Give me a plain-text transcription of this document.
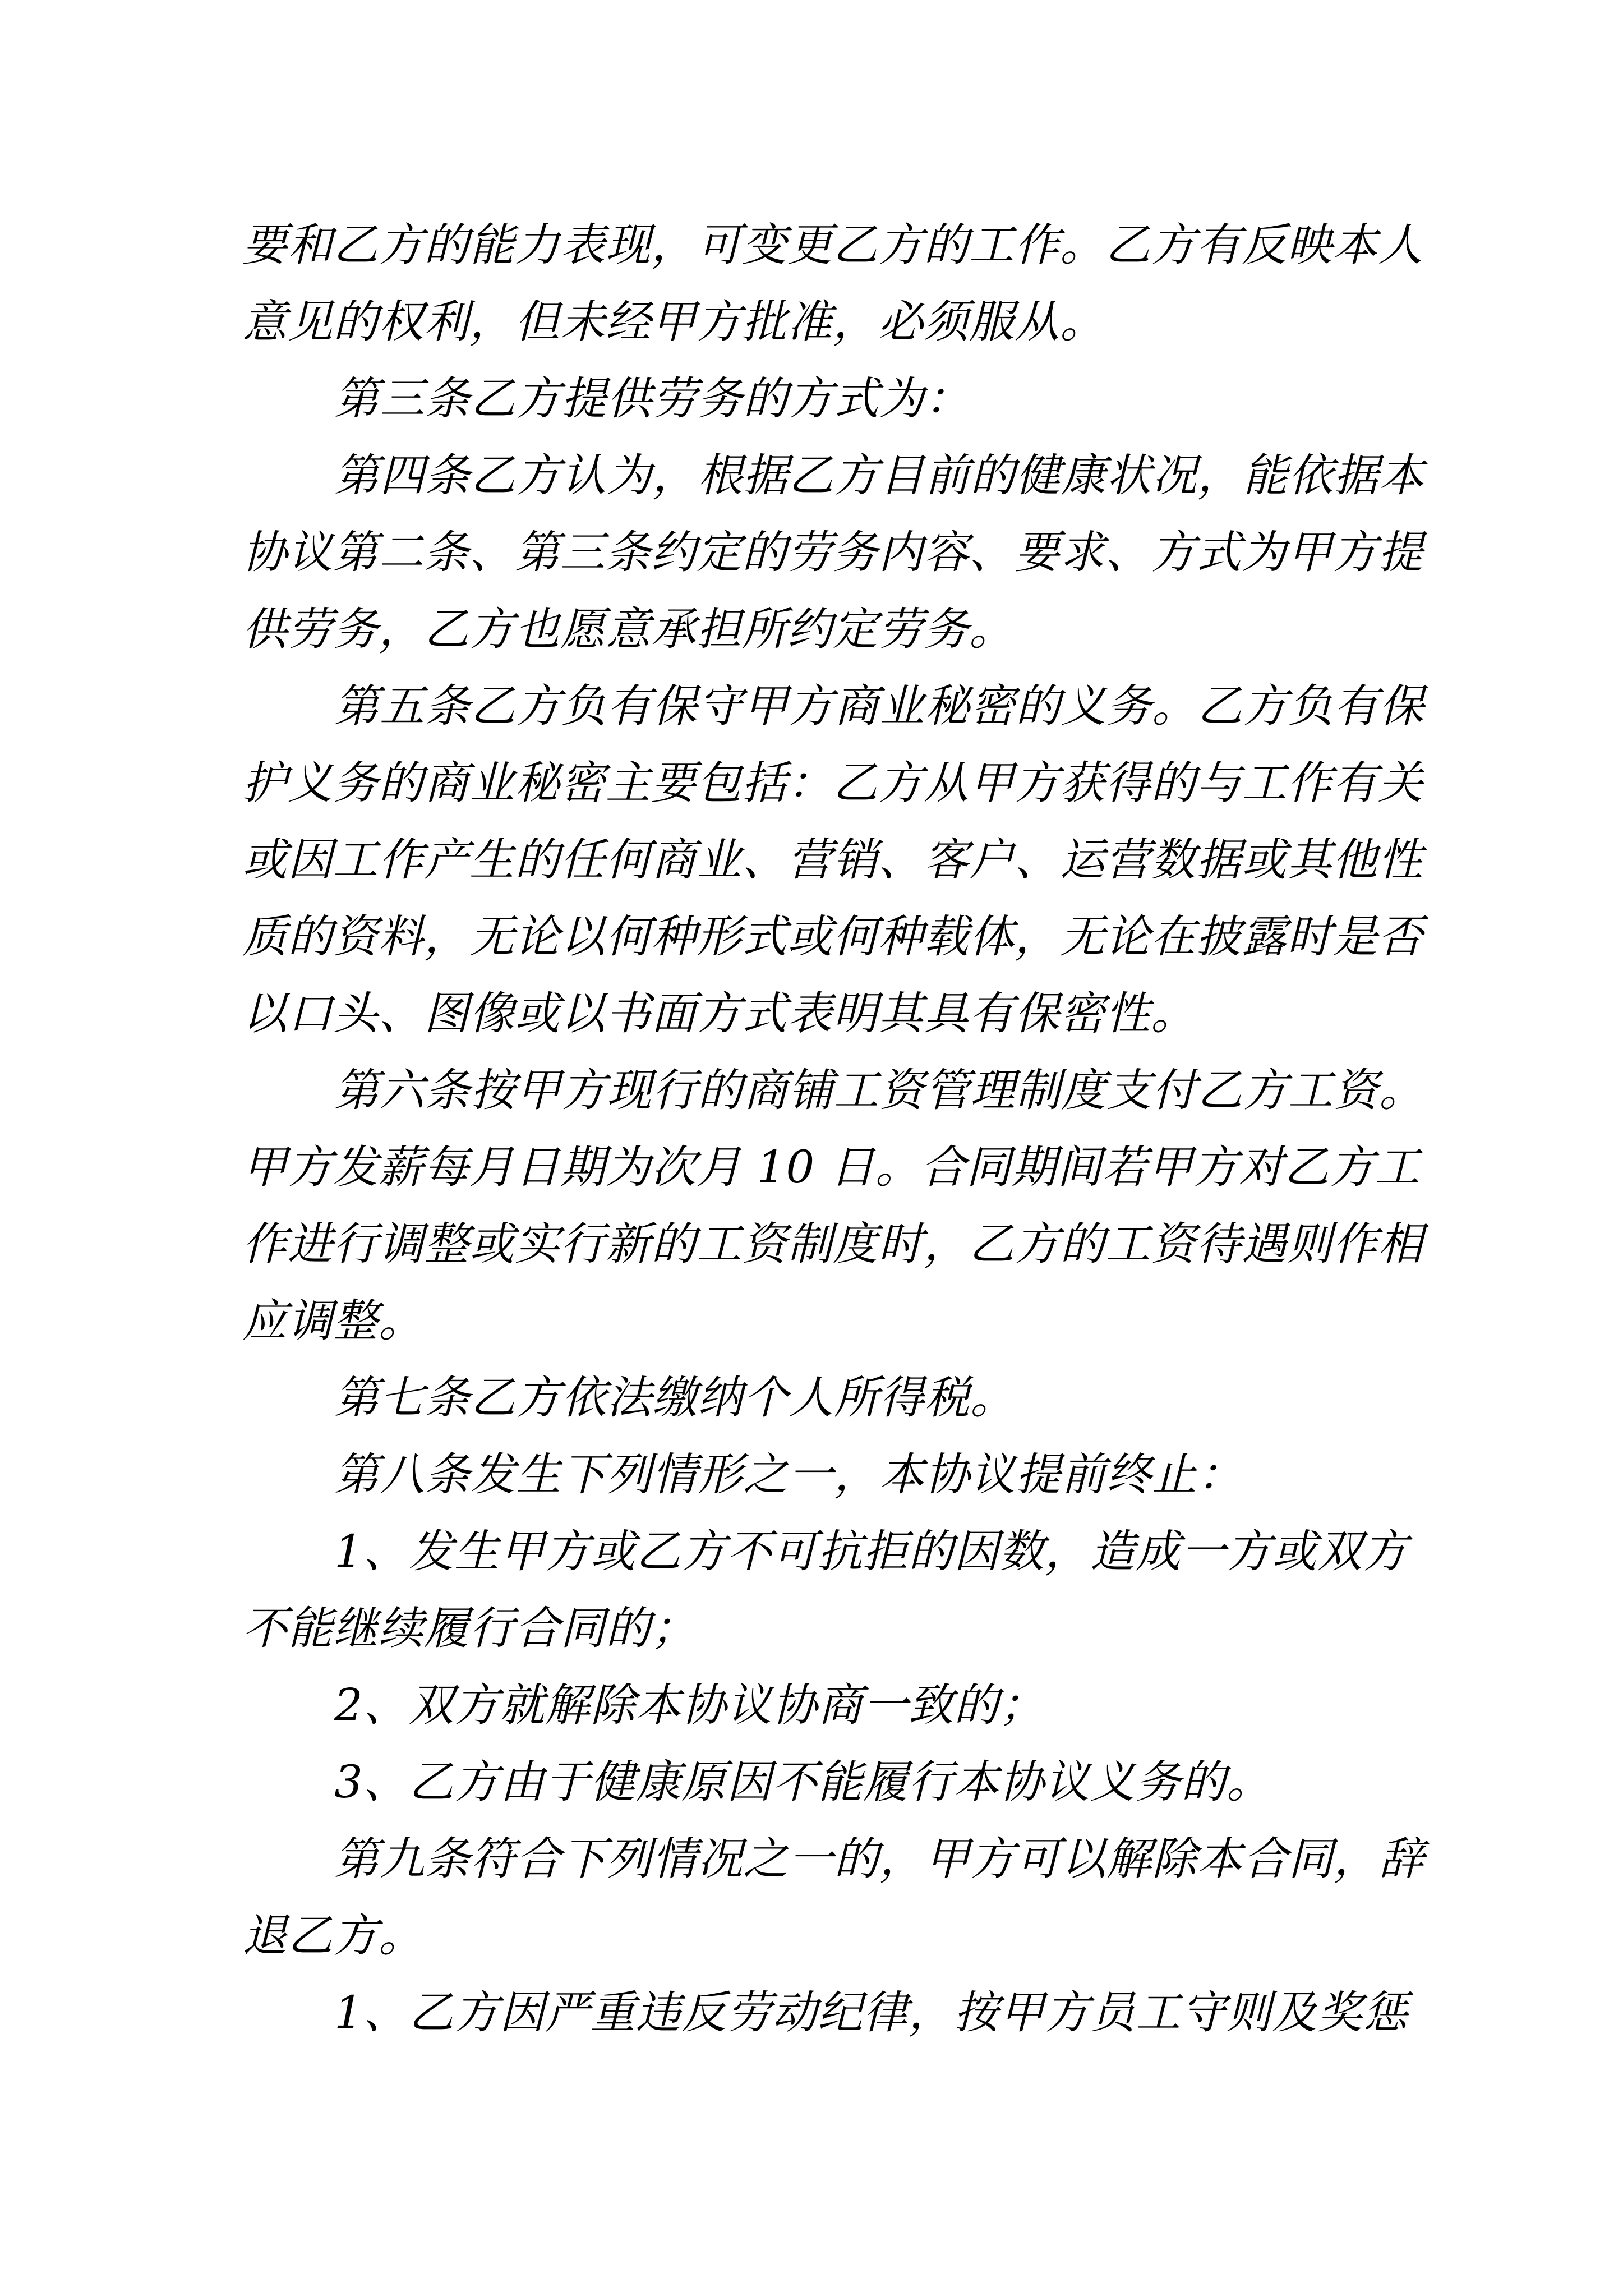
要和乙方的能力表现，可变更乙方的工作。乙方有反映本人
意见的权利，但未经甲方批准，必须服从。
第三条乙方提供劳务的方式为：
第四条乙方认为，根据乙方目前的健康状况，能依据本
协议第二条、第三条约定的劳务内容、要求、方式为甲方提
供劳务，乙方也愿意承担所约定劳务。
第五条乙方负有保守甲方商业秘密的义务。乙方负有保
护义务的商业秘密主要包括：乙方从甲方获得的与工作有关
或因工作产生的任何商业、营销、客户、运营数据或其他性
质的资料，无论以何种形式或何种载体，无论在披露时是否
以口头、图像或以书面方式表明其具有保密性。
第六条按甲方现行的商铺工资管理制度支付乙方工资。
甲方发薪每月日期为次月 10 日。合同期间若甲方对乙方工
作进行调整或实行新的工资制度时，乙方的工资待遇则作相
应调整。
第七条乙方依法缴纳个人所得税。
第八条发生下列情形之一，本协议提前终止：
1、发生甲方或乙方不可抗拒的因数，造成一方或双方
不能继续履行合同的；
2、双方就解除本协议协商一致的；
3、乙方由于健康原因不能履行本协议义务的。
第九条符合下列情况之一的，甲方可以解除本合同，辞
退乙方。
1、乙方因严重违反劳动纪律，按甲方员工守则及奖惩
